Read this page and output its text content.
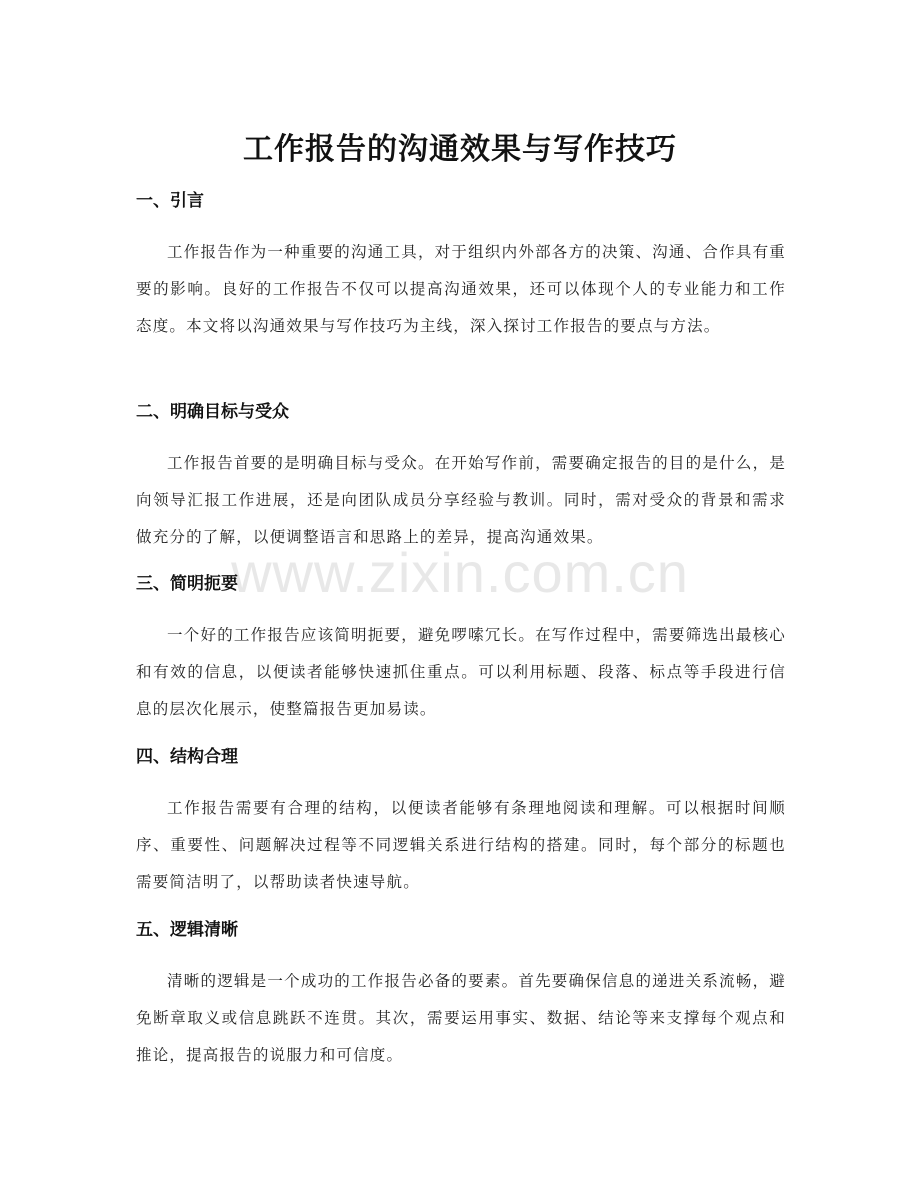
www.zixin.com.cn
工作报告的沟通效果与写作技巧
一、引言

工作报告作为一种重要的沟通工具，对于组织内外部各方的决策、沟通、合作具有重要的影响。良好的工作报告不仅可以提高沟通效果，还可以体现个人的专业能力和工作态度。本文将以沟通效果与写作技巧为主线，深入探讨工作报告的要点与方法。

二、明确目标与受众

工作报告首要的是明确目标与受众。在开始写作前，需要确定报告的目的是什么，是向领导汇报工作进展，还是向团队成员分享经验与教训。同时，需对受众的背景和需求做充分的了解，以便调整语言和思路上的差异，提高沟通效果。

三、简明扼要

一个好的工作报告应该简明扼要，避免啰嗦冗长。在写作过程中，需要筛选出最核心和有效的信息，以便读者能够快速抓住重点。可以利用标题、段落、标点等手段进行信息的层次化展示，使整篇报告更加易读。

四、结构合理

工作报告需要有合理的结构，以便读者能够有条理地阅读和理解。可以根据时间顺序、重要性、问题解决过程等不同逻辑关系进行结构的搭建。同时，每个部分的标题也需要简洁明了，以帮助读者快速导航。

五、逻辑清晰

清晰的逻辑是一个成功的工作报告必备的要素。首先要确保信息的递进关系流畅，避免断章取义或信息跳跃不连贯。其次，需要运用事实、数据、结论等来支撑每个观点和推论，提高报告的说服力和可信度。
